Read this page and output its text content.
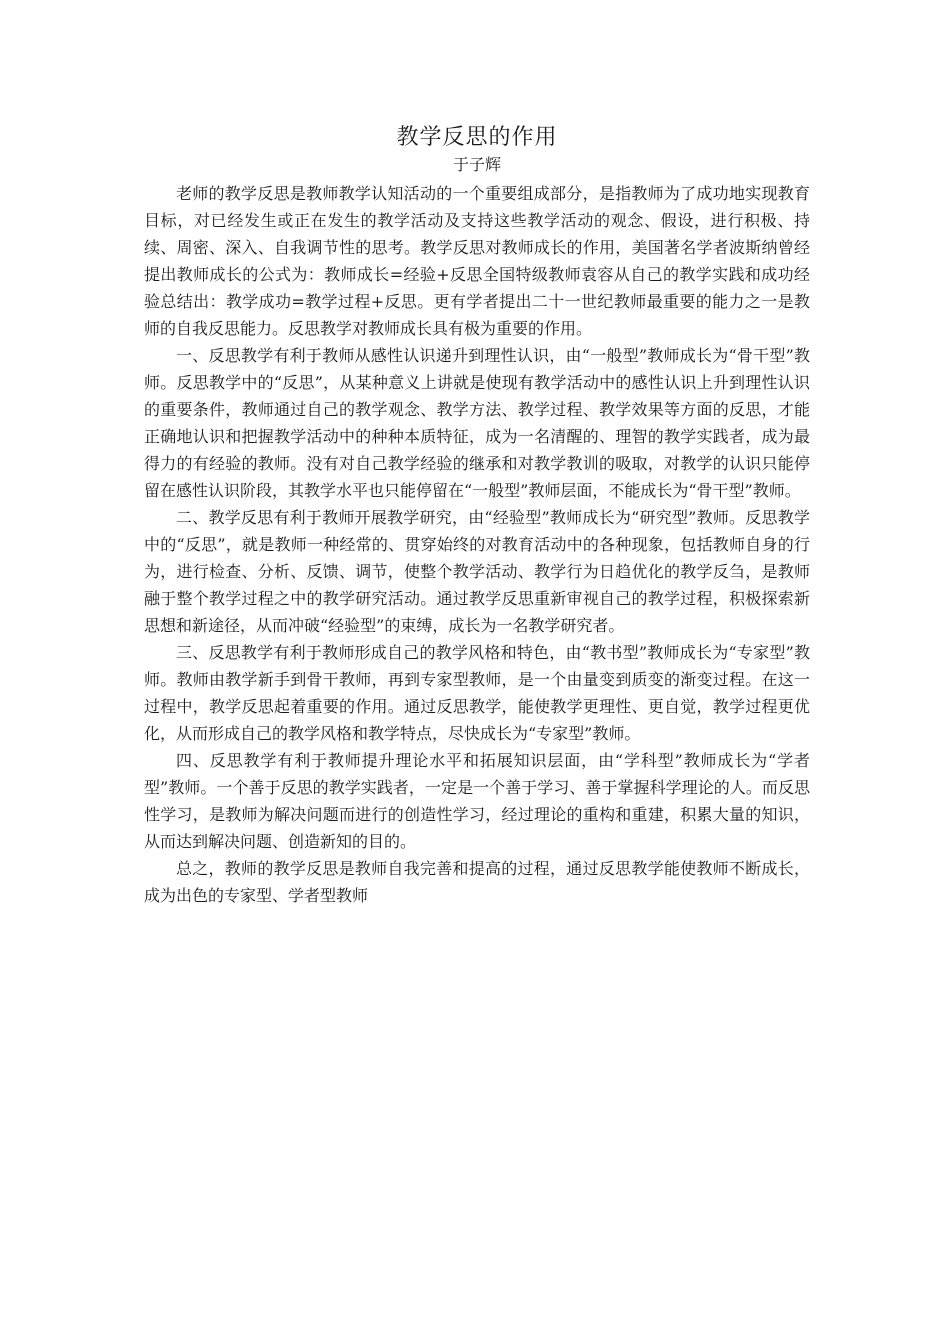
教学反思的作用
于子辉

老师的教学反思是教师教学认知活动的一个重要组成部分，是指教师为了成功地实现教育目标，对已经发生或正在发生的教学活动及支持这些教学活动的观念、假设，进行积极、持续、周密、深入、自我调节性的思考。教学反思对教师成长的作用，美国著名学者波斯纳曾经提出教师成长的公式为：教师成长=经验+反思全国特级教师袁容从自己的教学实践和成功经验总结出：教学成功=教学过程+反思。更有学者提出二十一世纪教师最重要的能力之一是教师的自我反思能力。反思教学对教师成长具有极为重要的作用。

一、反思教学有利于教师从感性认识递升到理性认识，由“一般型”教师成长为“骨干型”教师。反思教学中的“反思”，从某种意义上讲就是使现有教学活动中的感性认识上升到理性认识的重要条件，教师通过自己的教学观念、教学方法、教学过程、教学效果等方面的反思，才能正确地认识和把握教学活动中的种种本质特征，成为一名清醒的、理智的教学实践者，成为最得力的有经验的教师。没有对自己教学经验的继承和对教学教训的吸取，对教学的认识只能停留在感性认识阶段，其教学水平也只能停留在“一般型”教师层面，不能成长为“骨干型”教师。

二、教学反思有利于教师开展教学研究，由“经验型”教师成长为“研究型”教师。反思教学中的“反思”，就是教师一种经常的、贯穿始终的对教育活动中的各种现象，包括教师自身的行为，进行检查、分析、反馈、调节，使整个教学活动、教学行为日趋优化的教学反刍，是教师融于整个教学过程之中的教学研究活动。通过教学反思重新审视自己的教学过程，积极探索新思想和新途径，从而冲破“经验型”的束缚，成长为一名教学研究者。

三、反思教学有利于教师形成自己的教学风格和特色，由“教书型”教师成长为“专家型”教师。教师由教学新手到骨干教师，再到专家型教师，是一个由量变到质变的渐变过程。在这一过程中，教学反思起着重要的作用。通过反思教学，能使教学更理性、更自觉，教学过程更优化，从而形成自己的教学风格和教学特点，尽快成长为“专家型”教师。

四、反思教学有利于教师提升理论水平和拓展知识层面，由“学科型”教师成长为“学者型”教师。一个善于反思的教学实践者，一定是一个善于学习、善于掌握科学理论的人。而反思性学习，是教师为解决问题而进行的创造性学习，经过理论的重构和重建，积累大量的知识，从而达到解决问题、创造新知的目的。

总之，教师的教学反思是教师自我完善和提高的过程，通过反思教学能使教师不断成长，成为出色的专家型、学者型教师
